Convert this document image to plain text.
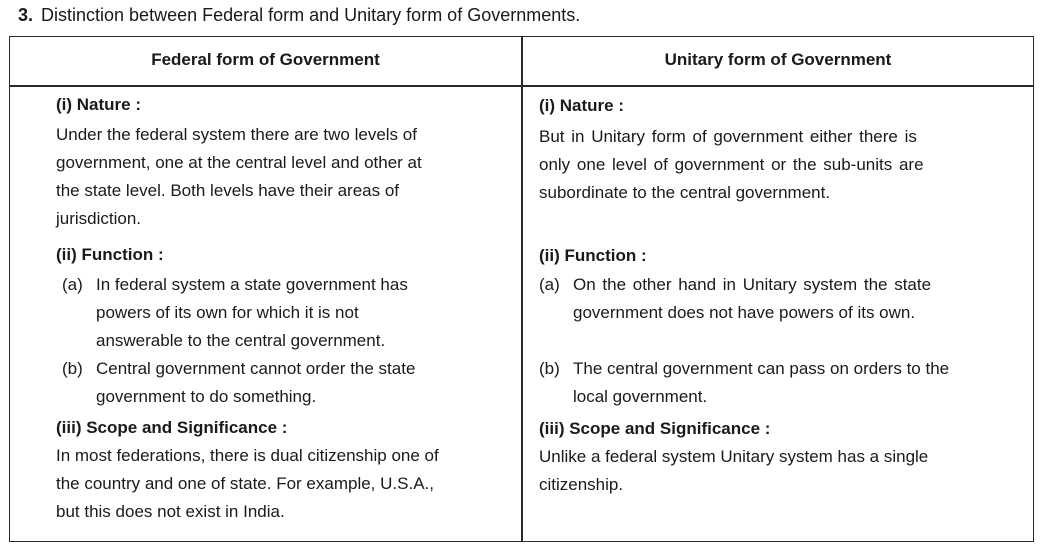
3. Distinction between Federal form and Unitary form of Governments.
Federal form of Government	Unitary form of Government
(i) Nature :
Under the federal system there are two levels of
government, one at the central level and other at
the state level. Both levels have their areas of
jurisdiction.
(ii) Function :
(a) In federal system a state government has
powers of its own for which it is not
answerable to the central government.
(b) Central government cannot order the state
government to do something.
(iii) Scope and Significance :
In most federations, there is dual citizenship one of
the country and one of state. For example, U.S.A.,
but this does not exist in India.
(i) Nature :
But in Unitary form of government either there is
only one level of government or the sub-units are
subordinate to the central government.
(ii) Function :
(a) On the other hand in Unitary system the state
government does not have powers of its own.
(b) The central government can pass on orders to the
local government.
(iii) Scope and Significance :
Unlike a federal system Unitary system has a single
citizenship.
